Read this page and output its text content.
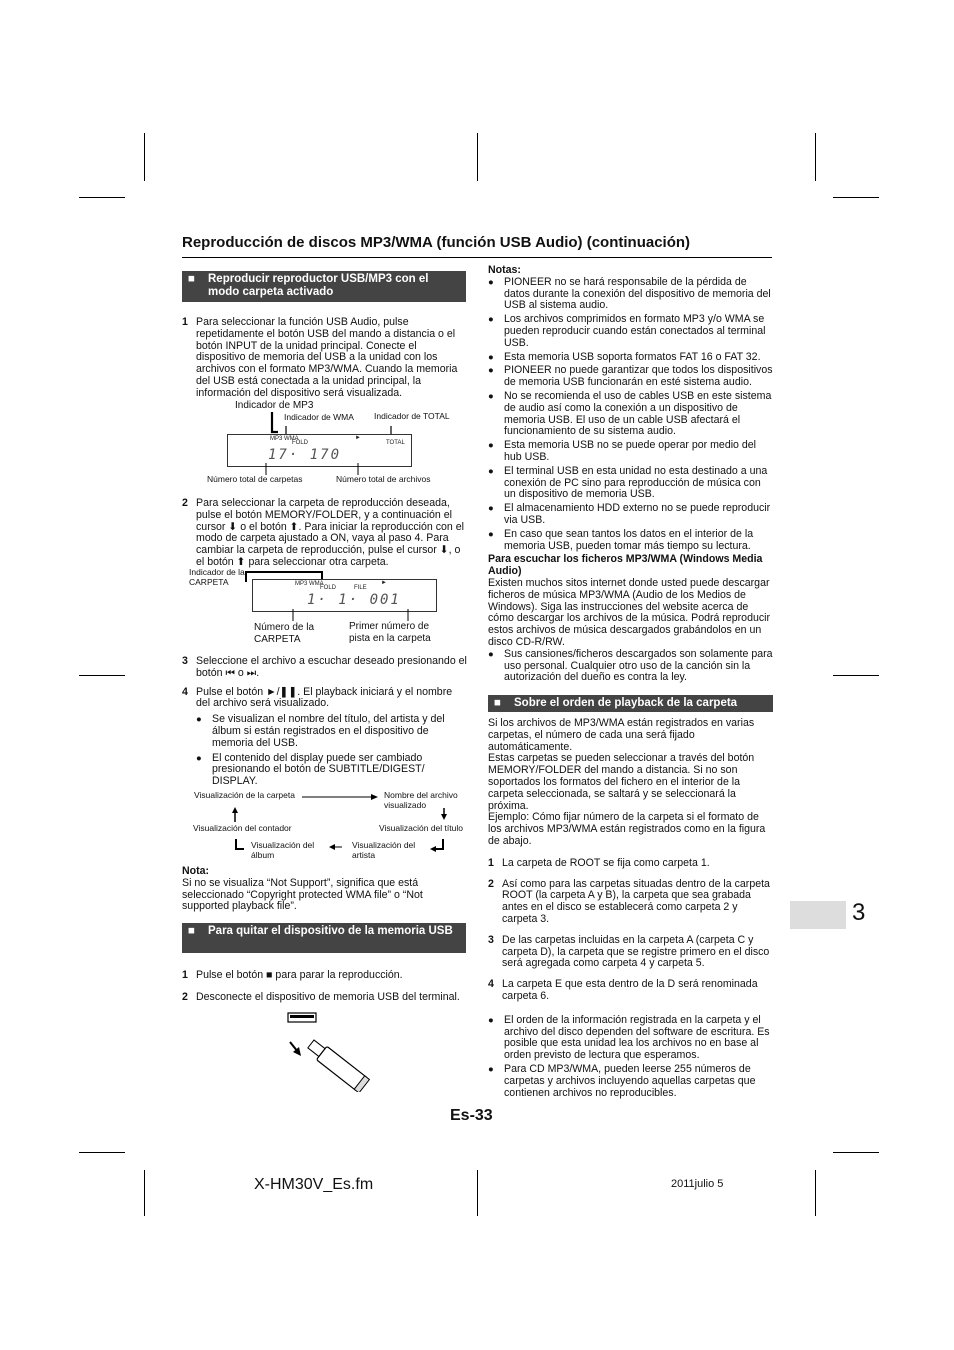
Reproducción de discos MP3/WMA (función USB Audio) (continuación)
■ Reproducir reproductor USB/MP3 con el modo carpeta activado

1 Para seleccionar la función USB Audio, pulse repetidamente el botón USB del mando a distancia o el botón INPUT de la unidad principal. Conecte el dispositivo de memoria del USB a la unidad con los archivos con el formato MP3/WMA. Cuando la memoria del USB está conectada a la unidad principal, la información del dispositivo será visualizada.

Indicador de MP3
Indicador de WMA Indicador de TOTAL
MP3 WMA
FOLD
►
TOTAL
17· 170
Número total de carpetas	Número total de archivos

2 Para seleccionar la carpeta de reproducción deseada, pulse el botón MEMORY/FOLDER, y a continuación el cursor ⬇ o el botón ⬆. Para iniciar la reproducción con el modo de carpeta ajustado a ON, vaya al paso 4. Para cambiar la carpeta de reproducción, pulse el cursor ⬇, o el botón ⬆ para seleccionar otra carpeta.

Indicador de la CARPETA	MP3 WMA
FOLD	FILE
►
1· 1· 001
Número de la CARPETA
Primer número de pista en la carpeta

3 Seleccione el archivo a escuchar deseado presionando el botón ⏮ o ⏭.

4 Pulse el botón ►/❚❚. El playback iniciará y el nombre del archivo será visualizado.

● Se visualizan el nombre del título, del artista y del álbum si están registrados en el dispositivo de memoria del USB.

● El contenido del display puede ser cambiado presionando el botón de SUBTITLE/DIGEST/ DISPLAY.

Visualización de la carpeta	Nombre del archivo visualizado
Visualización del contador	Visualización del título
Visualización del álbum
Visualización del artista
Nota:
Si no se visualiza “Not Support”, significa que está seleccionado “Copyright protected WMA file” o “Not supported playback file”.
■ Para quitar el dispositivo de la memoria USB

1 Pulse el botón ■ para parar la reproducción.

2 Desconecte el dispositivo de memoria USB del terminal.

Notas:

● PIONEER no se hará responsabile de la pérdida de datos durante la conexión del dispositivo de memoria del USB al sistema audio.

● Los archivos comprimidos en formato MP3 y/o WMA se pueden reproducir cuando están conectados al terminal USB.

● Esta memoria USB soporta formatos FAT 16 o FAT 32.

● PIONEER no puede garantizar que todos los dispositivos de memoria USB funcionarán en esté sistema audio.

● No se recomienda el uso de cables USB en este sistema de audio así como la conexión a un dispositivo de memoria USB. El uso de un cable USB afectará el funcionamiento de su sistema audio.

● Esta memoria USB no se puede operar por medio del hub USB.

● El terminal USB en esta unidad no esta destinado a una conexión de PC sino para reproducción de música con un dispositivo de memoria USB.

● El almacenamiento HDD externo no se puede reproducir via USB.

● En caso que sean tantos los datos en el interior de la memoria USB, pueden tomar más tiempo su lectura.

Para escuchar los ficheros MP3/WMA (Windows Media Audio)
Existen muchos sitos internet donde usted puede descargar ficheros de música MP3/WMA (Audio de los Medios de Windows). Siga las instrucciones del website acerca de cómo descargar los archivos de la música. Podrá reproducir estos archivos de música descargados grabándolos en un disco CD-R/RW.

● Sus cansiones/ficheros descargados son solamente para uso personal. Cualquier otro uso de la canción sin la autorización del dueño es contra la ley.

■ Sobre el orden de playback de la carpeta
Si los archivos de MP3/WMA están registrados en varias carpetas, el número de cada una será fijado automáticamente.
Estas carpetas se pueden seleccionar a través del botón MEMORY/FOLDER del mando a distancia. Si no son soportados los formatos del fichero en el interior de la carpeta seleccionada, se saltará y se seleccionará la próxima.
Ejemplo: Cómo fijar número de la carpeta si el formato de los archivos MP3/WMA están registrados como en la figura de abajo.

1 La carpeta de ROOT se fija como carpeta 1.

2 Así como para las carpetas situadas dentro de la carpeta ROOT (la carpeta A y B), la carpeta que sea grabada antes en el disco se establecerá como carpeta 2 y carpeta 3.

3 De las carpetas incluidas en la carpeta A (carpeta C y carpeta D), la carpeta que se registre primero en el disco será agregada como carpeta 4 y carpeta 5.

4 La carpeta E que esta dentro de la D será renominada carpeta 6.

● El orden de la información registrada en la carpeta y el archivo del disco dependen del software de escritura. Es posible que esta unidad lea los archivos no en base al orden previsto de lectura que esperamos.

● Para CD MP3/WMA, pueden leerse 255 números de carpetas y archivos incluyendo aquellas carpetas que contienen archivos no reproducibles.

Es-33
3
X-HM30V_Es.fm	2011julio 5
